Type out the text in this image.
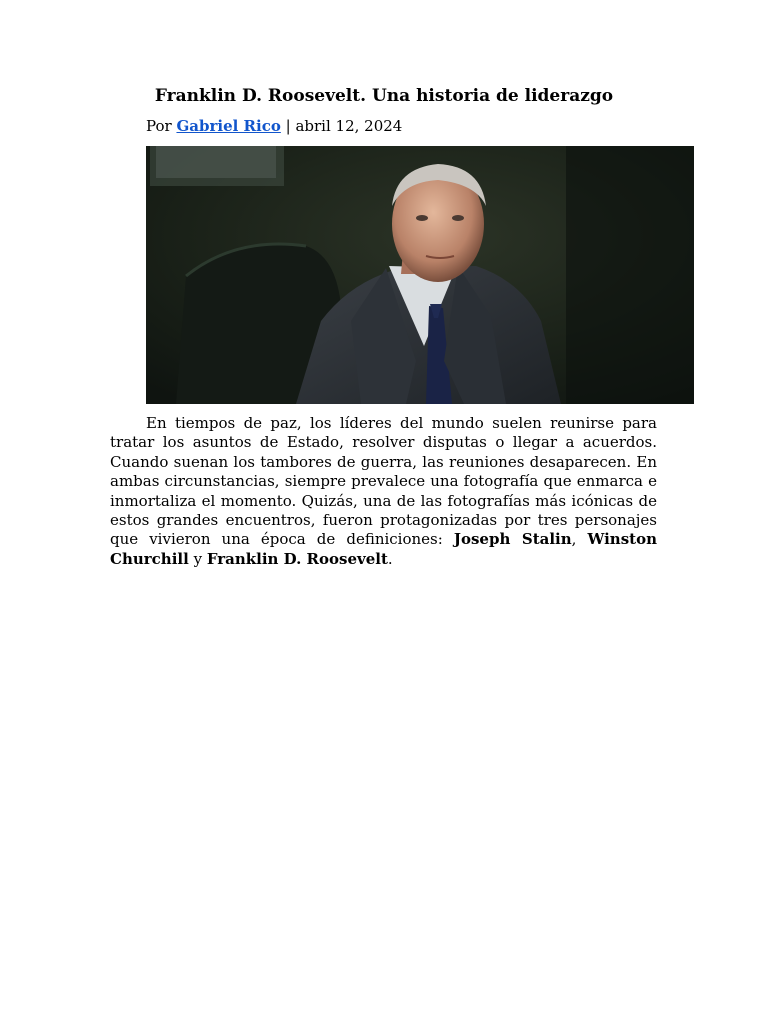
Franklin D. Roosevelt. Una historia de liderazgo

Por Gabriel Rico | abril 12, 2024

En tiempos de paz, los líderes del mundo suelen reunirse para tratar los asuntos de Estado, resolver disputas o llegar a acuerdos. Cuando suenan los tambores de guerra, las reuniones desaparecen. En ambas circunstancias, siempre prevalece una fotografía que enmarca e inmortaliza el momento. Quizás, una de las fotografías más icónicas de estos grandes encuentros, fueron protagonizadas por tres personajes que vivieron una época de definiciones: Joseph Stalin, Winston Churchill y Franklin D. Roosevelt.
